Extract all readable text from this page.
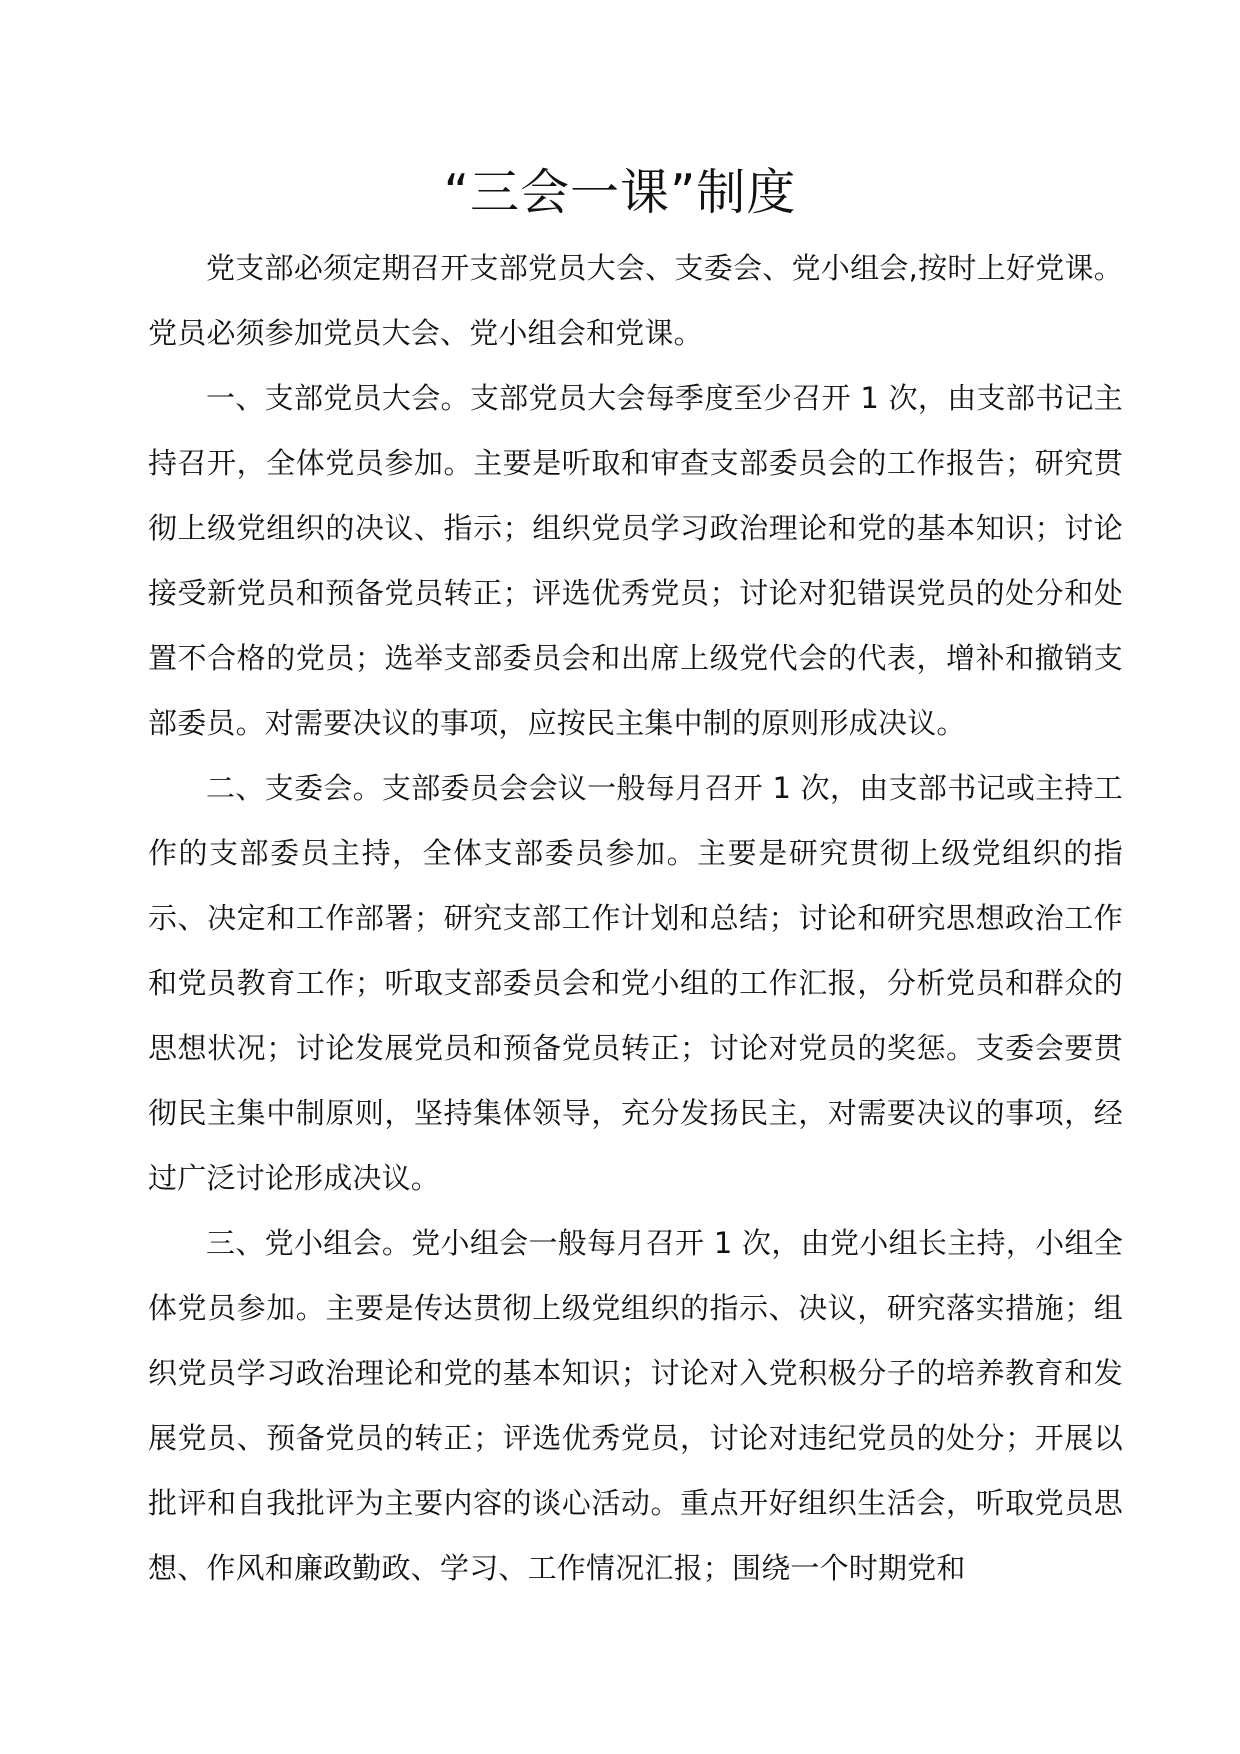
“三会一课”制度

党支部必须定期召开支部党员大会、支委会、党小组会,按时上好党课。党员必须参加党员大会、党小组会和党课。

一、支部党员大会。支部党员大会每季度至少召开 1 次，由支部书记主持召开，全体党员参加。主要是听取和审查支部委员会的工作报告；研究贯彻上级党组织的决议、指示；组织党员学习政治理论和党的基本知识；讨论接受新党员和预备党员转正；评选优秀党员；讨论对犯错误党员的处分和处置不合格的党员；选举支部委员会和出席上级党代会的代表，增补和撤销支部委员。对需要决议的事项，应按民主集中制的原则形成决议。

二、支委会。支部委员会会议一般每月召开 1 次，由支部书记或主持工作的支部委员主持，全体支部委员参加。主要是研究贯彻上级党组织的指示、决定和工作部署；研究支部工作计划和总结；讨论和研究思想政治工作和党员教育工作；听取支部委员会和党小组的工作汇报，分析党员和群众的思想状况；讨论发展党员和预备党员转正；讨论对党员的奖惩。支委会要贯彻民主集中制原则，坚持集体领导，充分发扬民主，对需要决议的事项，经过广泛讨论形成决议。

三、党小组会。党小组会一般每月召开 1 次，由党小组长主持，小组全体党员参加。主要是传达贯彻上级党组织的指示、决议，研究落实措施；组织党员学习政治理论和党的基本知识；讨论对入党积极分子的培养教育和发展党员、预备党员的转正；评选优秀党员，讨论对违纪党员的处分；开展以批评和自我批评为主要内容的谈心活动。重点开好组织生活会，听取党员思想、作风和廉政勤政、学习、工作情况汇报；围绕一个时期党和
